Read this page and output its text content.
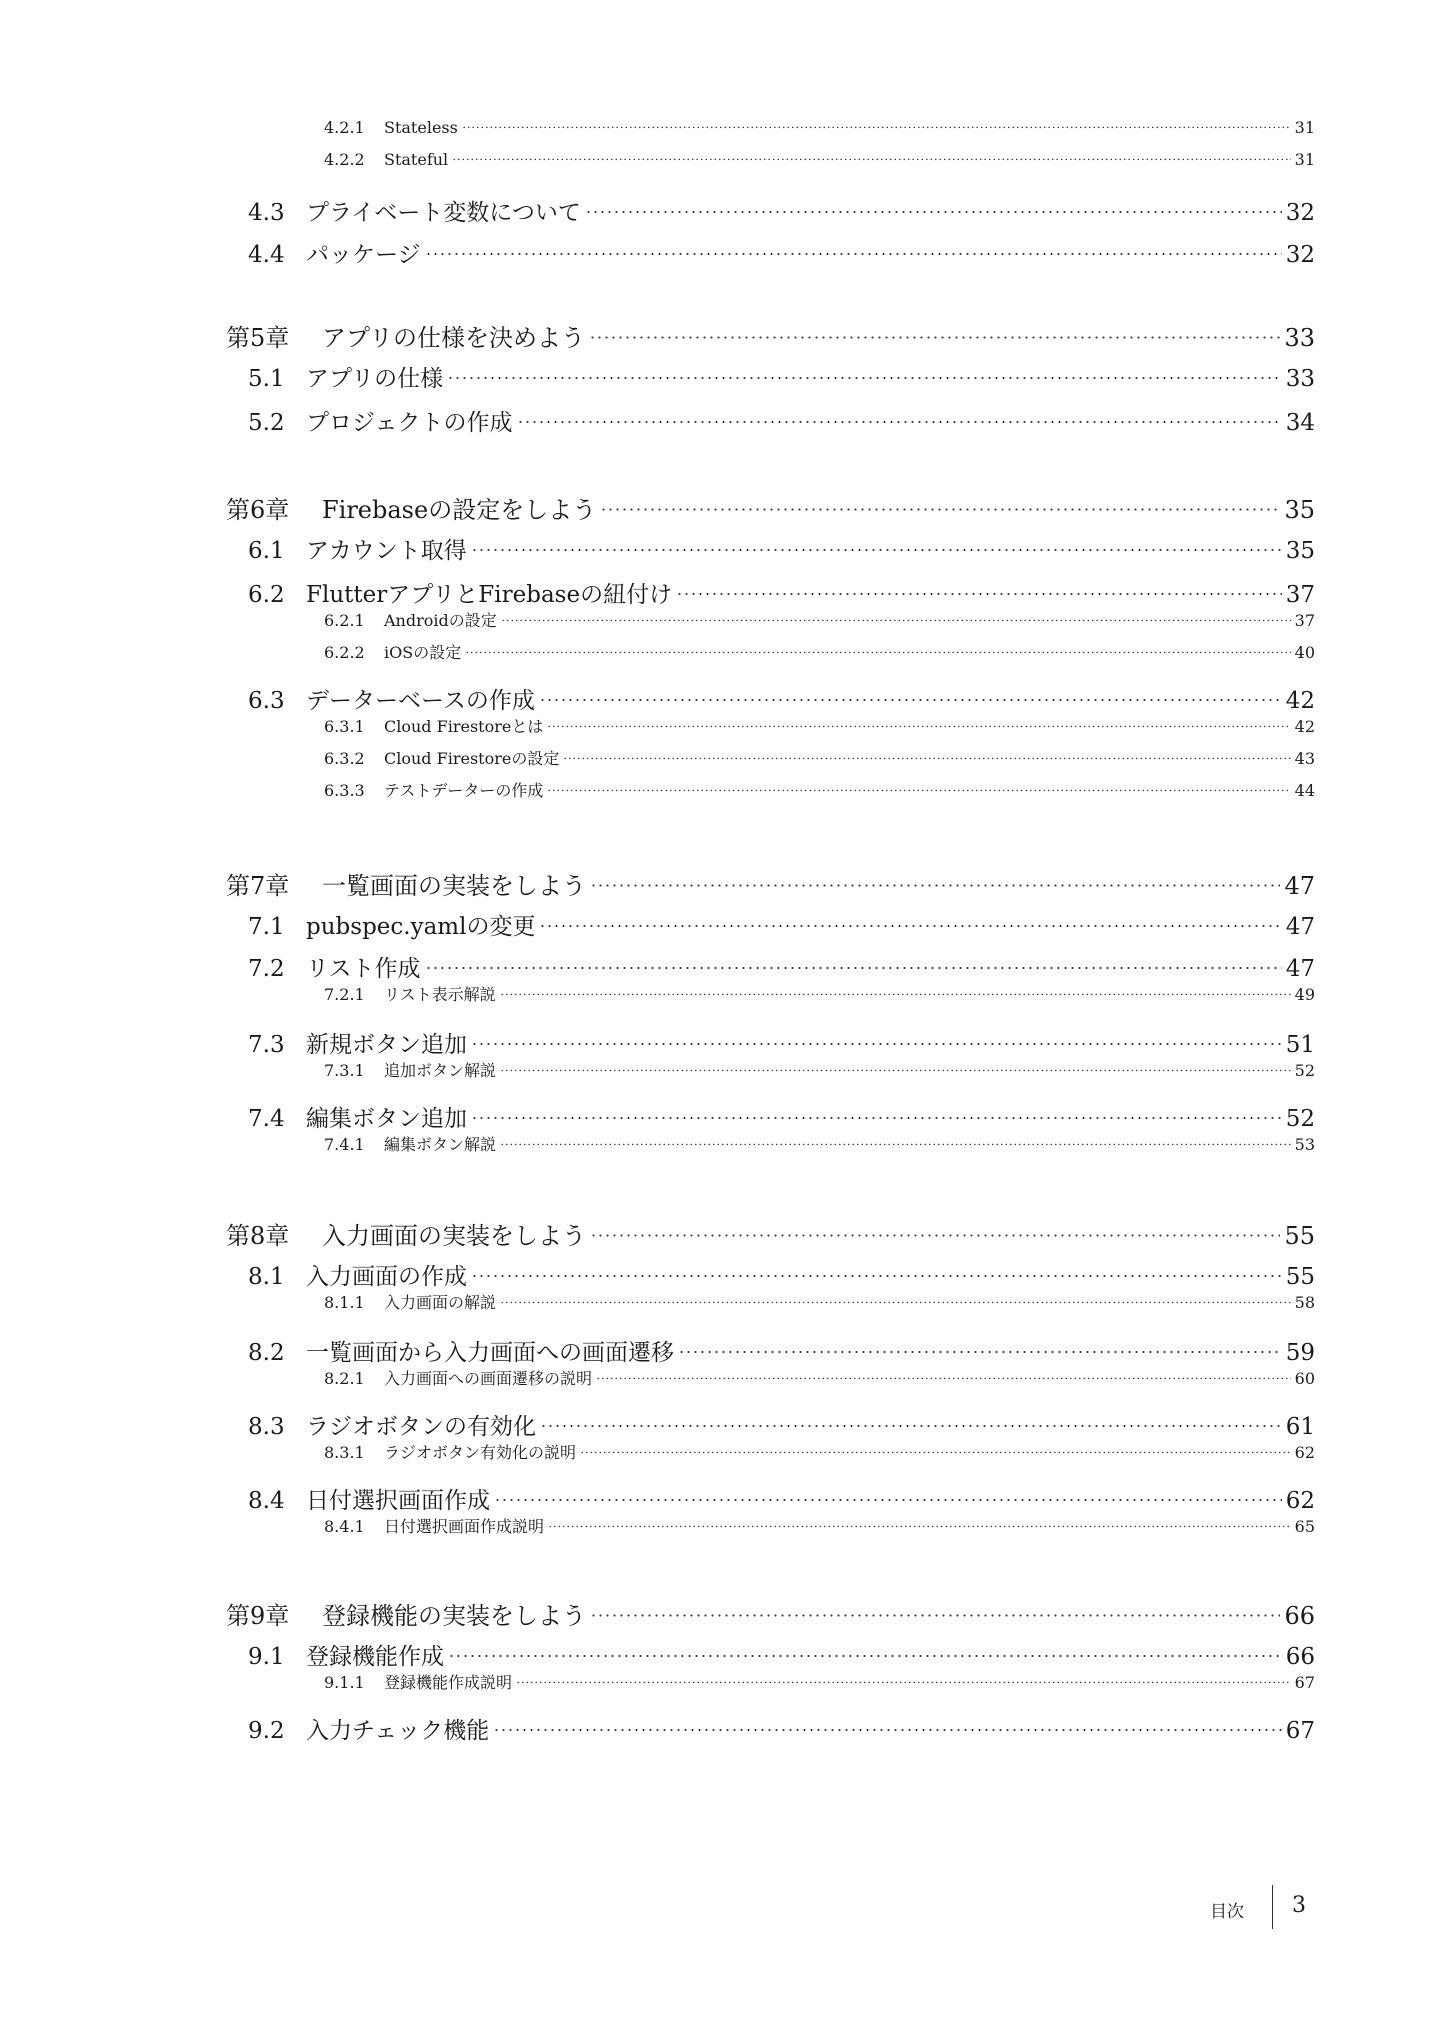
4.2.1	Stateless	31
4.2.2	Stateful	31
4.3 プライベート変数について	32
4.4 パッケージ	32
第5章	アプリの仕様を決めよう	33
5.1 アプリの仕様	33
5.2 プロジェクトの作成	34
第6章	Firebaseの設定をしよう	35
6.1 アカウント取得	35
6.2 FlutterアプリとFirebaseの紐付け	37
6.2.1	Androidの設定	37
6.2.2	iOSの設定	40
6.3 データーベースの作成	42
6.3.1	Cloud Firestoreとは	42
6.3.2	Cloud Firestoreの設定	43
6.3.3	テストデーターの作成	44
第7章	一覧画面の実装をしよう	47
7.1 pubspec.yamlの変更	47
7.2 リスト作成	47
7.2.1	リスト表示解説	49
7.3 新規ボタン追加	51
7.3.1	追加ボタン解説	52
7.4 編集ボタン追加	52
7.4.1	編集ボタン解説	53
第8章	入力画面の実装をしよう	55
8.1 入力画面の作成	55
8.1.1	入力画面の解説	58
8.2 一覧画面から入力画面への画面遷移	59
8.2.1	入力画面への画面遷移の説明	60
8.3 ラジオボタンの有効化	61
8.3.1	ラジオボタン有効化の説明	62
8.4 日付選択画面作成	62
8.4.1	日付選択画面作成説明	65
第9章	登録機能の実装をしよう	66
9.1 登録機能作成	66
9.1.1	登録機能作成説明	67
9.2 入力チェック機能	67
目次 3
